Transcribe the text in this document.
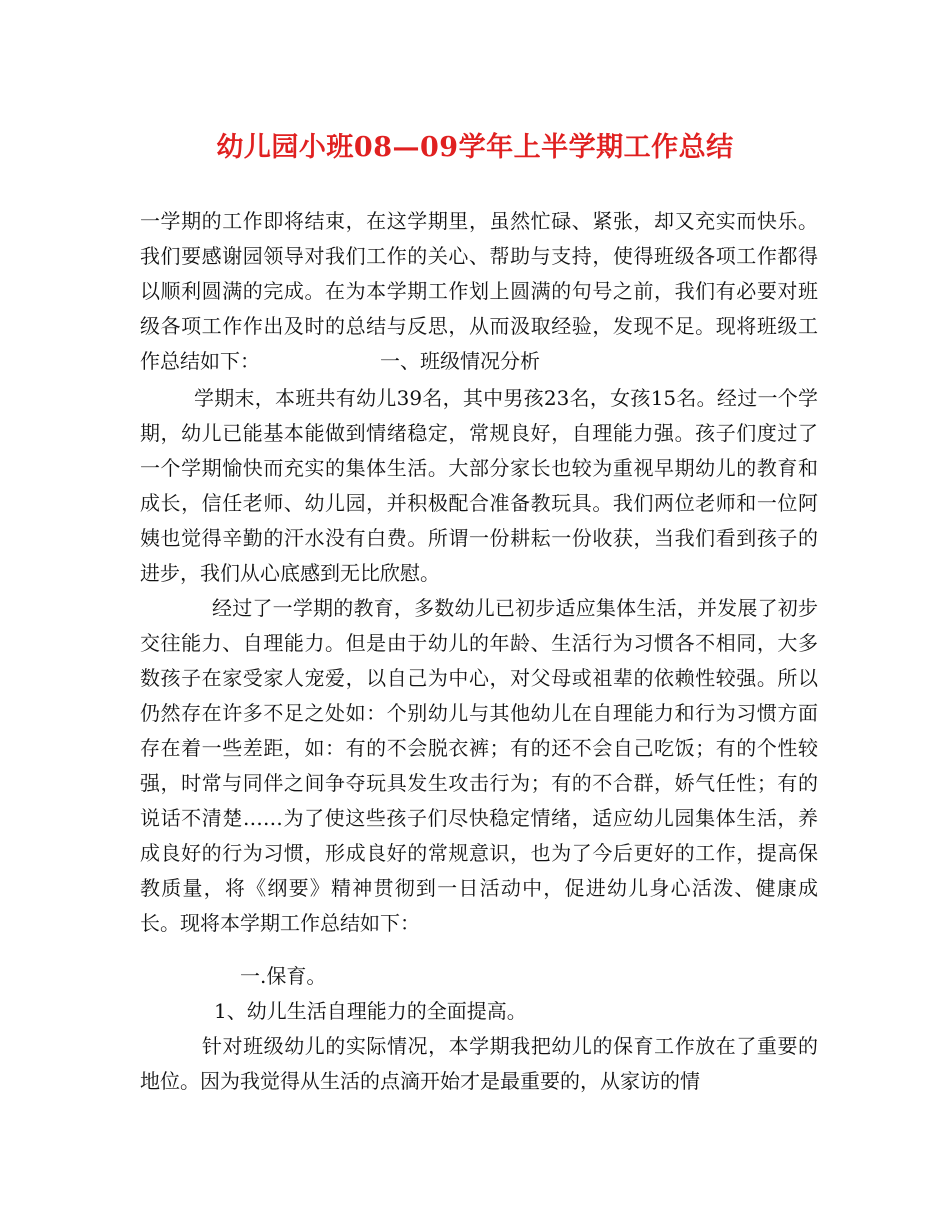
幼儿园小班08—09学年上半学期工作总结
一学期的工作即将结束，在这学期里，虽然忙碌、紧张，却又充实而快乐。我们要感谢园领导对我们工作的关心、帮助与支持，使得班级各项工作都得以顺利圆满的完成。在为本学期工作划上圆满的句号之前，我们有必要对班级各项工作作出及时的总结与反思，从而汲取经验，发现不足。现将班级工作总结如下：	一、班级情况分析
学期末，本班共有幼儿39名，其中男孩23名，女孩15名。经过一个学期，幼儿已能基本能做到情绪稳定，常规良好，自理能力强。孩子们度过了一个学期愉快而充实的集体生活。大部分家长也较为重视早期幼儿的教育和成长，信任老师、幼儿园，并积极配合准备教玩具。我们两位老师和一位阿姨也觉得辛勤的汗水没有白费。所谓一份耕耘一份收获，当我们看到孩子的进步，我们从心底感到无比欣慰。
经过了一学期的教育，多数幼儿已初步适应集体生活，并发展了初步交往能力、自理能力。但是由于幼儿的年龄、生活行为习惯各不相同，大多数孩子在家受家人宠爱，以自己为中心，对父母或祖辈的依赖性较强。所以仍然存在许多不足之处如：个别幼儿与其他幼儿在自理能力和行为习惯方面存在着一些差距，如：有的不会脱衣裤；有的还不会自己吃饭；有的个性较强，时常与同伴之间争夺玩具发生攻击行为；有的不合群，娇气任性；有的说话不清楚……为了使这些孩子们尽快稳定情绪，适应幼儿园集体生活，养成良好的行为习惯，形成良好的常规意识，也为了今后更好的工作，提高保教质量，将《纲要》精神贯彻到一日活动中，促进幼儿身心活泼、健康成长。现将本学期工作总结如下：
一.保育。
1、幼儿生活自理能力的全面提高。
针对班级幼儿的实际情况，本学期我把幼儿的保育工作放在了重要的地位。因为我觉得从生活的点滴开始才是最重要的，从家访的情
